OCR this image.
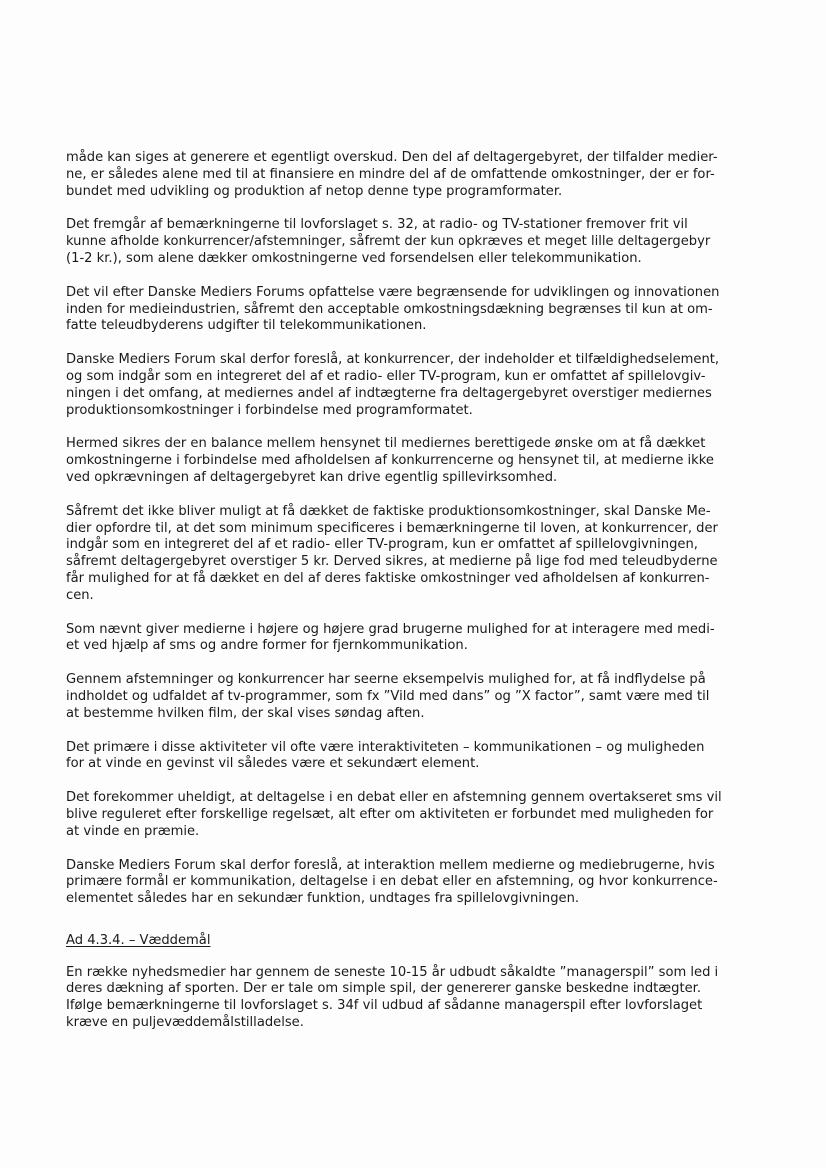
måde kan siges at generere et egentligt overskud. Den del af deltagergebyret, der tilfalder medier-
ne, er således alene med til at finansiere en mindre del af de omfattende omkostninger, der er for-
bundet med udvikling og produktion af netop denne type programformater.
Det fremgår af bemærkningerne til lovforslaget s. 32, at radio- og TV-stationer fremover frit vil
kunne afholde konkurrencer/afstemninger, såfremt der kun opkræves et meget lille deltagergebyr
(1-2 kr.), som alene dækker omkostningerne ved forsendelsen eller telekommunikation.
Det vil efter Danske Mediers Forums opfattelse være begrænsende for udviklingen og innovationen
inden for medieindustrien, såfremt den acceptable omkostningsdækning begrænses til kun at om-
fatte teleudbyderens udgifter til telekommunikationen.
Danske Mediers Forum skal derfor foreslå, at konkurrencer, der indeholder et tilfældighedselement,
og som indgår som en integreret del af et radio- eller TV-program, kun er omfattet af spillelovgiv-
ningen i det omfang, at mediernes andel af indtægterne fra deltagergebyret overstiger mediernes
produktionsomkostninger i forbindelse med programformatet.
Hermed sikres der en balance mellem hensynet til mediernes berettigede ønske om at få dækket
omkostningerne i forbindelse med afholdelsen af konkurrencerne og hensynet til, at medierne ikke
ved opkrævningen af deltagergebyret kan drive egentlig spillevirksomhed.
Såfremt det ikke bliver muligt at få dækket de faktiske produktionsomkostninger, skal Danske Me-
dier opfordre til, at det som minimum specificeres i bemærkningerne til loven, at konkurrencer, der
indgår som en integreret del af et radio- eller TV-program, kun er omfattet af spillelovgivningen,
såfremt deltagergebyret overstiger 5 kr. Derved sikres, at medierne på lige fod med teleudbyderne
får mulighed for at få dækket en del af deres faktiske omkostninger ved afholdelsen af konkurren-
cen.
Som nævnt giver medierne i højere og højere grad brugerne mulighed for at interagere med medi-
et ved hjælp af sms og andre former for fjernkommunikation.
Gennem afstemninger og konkurrencer har seerne eksempelvis mulighed for, at få indflydelse på
indholdet og udfaldet af tv-programmer, som fx ”Vild med dans” og ”X factor”, samt være med til
at bestemme hvilken film, der skal vises søndag aften.
Det primære i disse aktiviteter vil ofte være interaktiviteten – kommunikationen – og muligheden
for at vinde en gevinst vil således være et sekundært element.
Det forekommer uheldigt, at deltagelse i en debat eller en afstemning gennem overtakseret sms vil
blive reguleret efter forskellige regelsæt, alt efter om aktiviteten er forbundet med muligheden for
at vinde en præmie.
Danske Mediers Forum skal derfor foreslå, at interaktion mellem medierne og mediebrugerne, hvis
primære formål er kommunikation, deltagelse i en debat eller en afstemning, og hvor konkurrence-
elementet således har en sekundær funktion, undtages fra spillelovgivningen.
Ad 4.3.4. – Væddemål
En række nyhedsmedier har gennem de seneste 10-15 år udbudt såkaldte ”managerspil” som led i
deres dækning af sporten. Der er tale om simple spil, der genererer ganske beskedne indtægter.
Ifølge bemærkningerne til lovforslaget s. 34f vil udbud af sådanne managerspil efter lovforslaget
kræve en puljevæddemålstilladelse.
